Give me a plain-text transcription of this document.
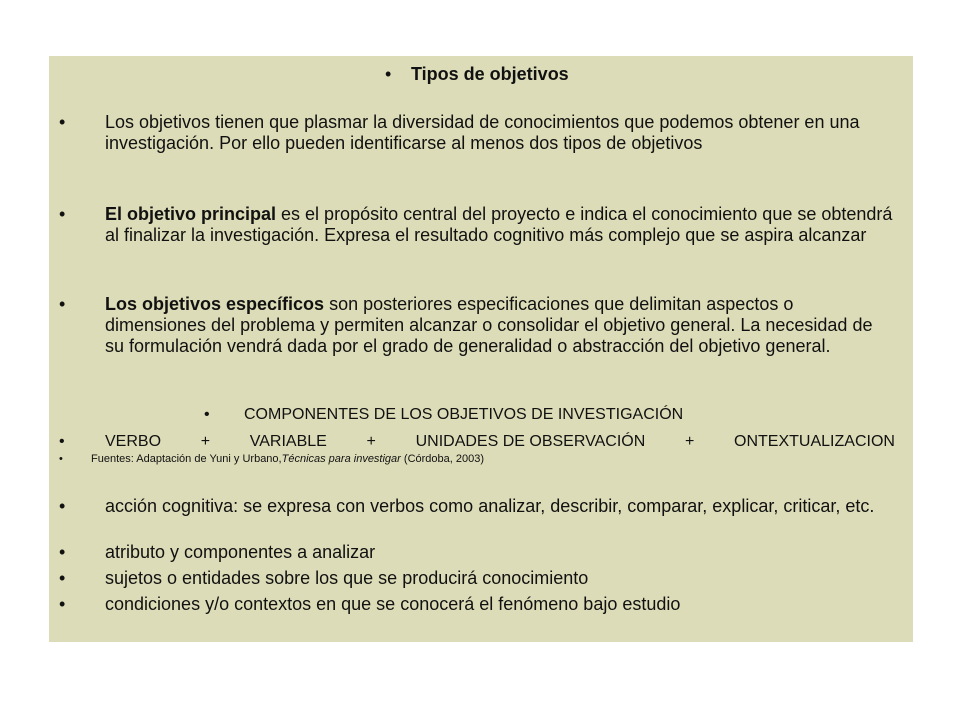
• Tipos de objetivos
• Los objetivos tienen que plasmar la diversidad de conocimientos que podemos obtener en una investigación. Por ello pueden identificarse al menos dos tipos de objetivos
• El objetivo principal es el propósito central del proyecto e indica el conocimiento que se obtendrá al finalizar la investigación. Expresa el resultado cognitivo más complejo que se aspira alcanzar
• Los objetivos específicos son posteriores especificaciones que delimitan aspectos o dimensiones del problema y permiten alcanzar o consolidar el objetivo general. La necesidad de su formulación vendrá dada por el grado de generalidad o abstracción del objetivo general.
• COMPONENTES DE LOS OBJETIVOS DE INVESTIGACIÓN
•	VERBO + VARIABLE + UNIDADES DE OBSERVACIÓN + ONTEXTUALIZACION
•	Fuentes: Adaptación de Yuni y Urbano,Técnicas para investigar (Córdoba, 2003)
• acción cognitiva: se expresa con verbos como analizar, describir, comparar, explicar, criticar, etc.
• atributo y componentes a analizar
• sujetos o entidades sobre los que se producirá conocimiento
• condiciones y/o contextos en que se conocerá el fenómeno bajo estudio
